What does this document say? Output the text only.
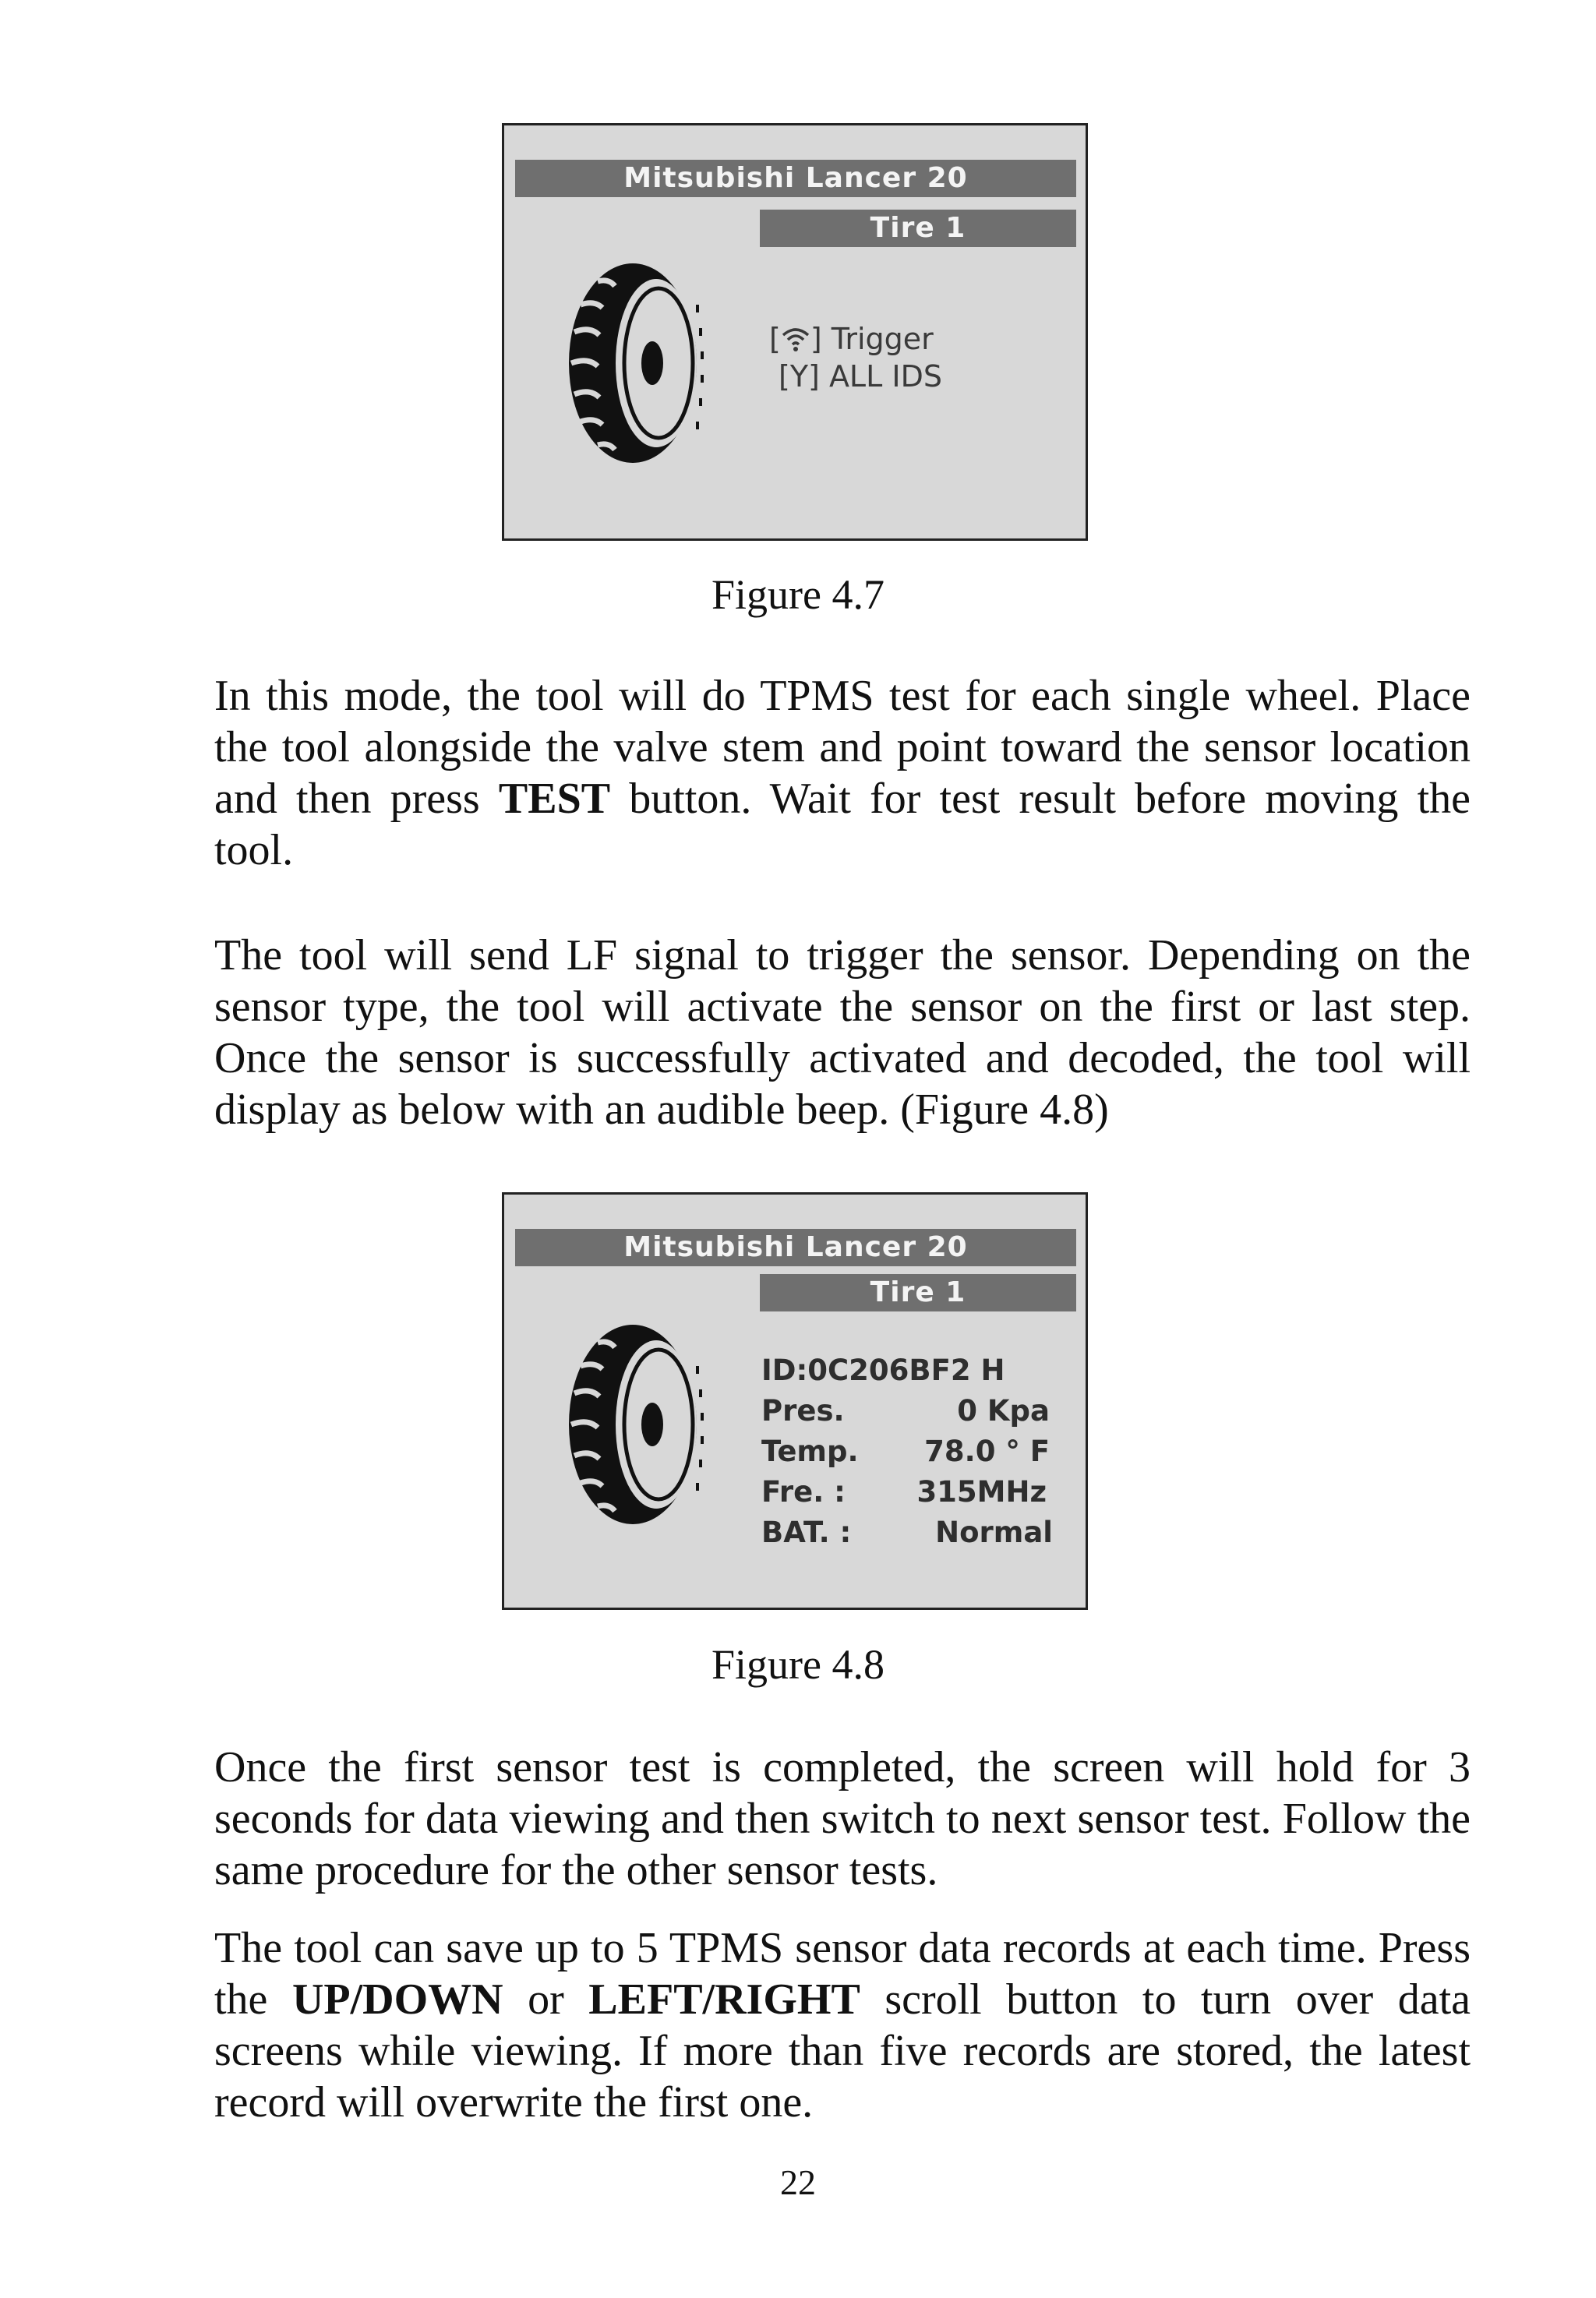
Mitsubishi Lancer 20
Tire 1
[ ] Trigger
[Y] ALL IDS
Figure 4.7

In this mode, the tool will do TPMS test for each single wheel. Place the tool alongside the valve stem and point toward the sensor location and then press TEST button. Wait for test result before moving the tool.

The tool will send LF signal to trigger the sensor. Depending on the sensor type, the tool will activate the sensor on the first or last step. Once the sensor is successfully activated and decoded, the tool will display as below with an audible beep. (Figure 4.8)

Mitsubishi Lancer 20
Tire 1
ID:0C206BF2 H
Pres.	0 Kpa
Temp. 78.0 ° F
Fre. : 315MHz
BAT. :	Normal
Figure 4.8

Once the first sensor test is completed, the screen will hold for 3 seconds for data viewing and then switch to next sensor test. Follow the same procedure for the other sensor tests.

The tool can save up to 5 TPMS sensor data records at each time. Press the UP/DOWN or LEFT/RIGHT scroll button to turn over data screens while viewing. If more than five records are stored, the latest record will overwrite the first one.

22
